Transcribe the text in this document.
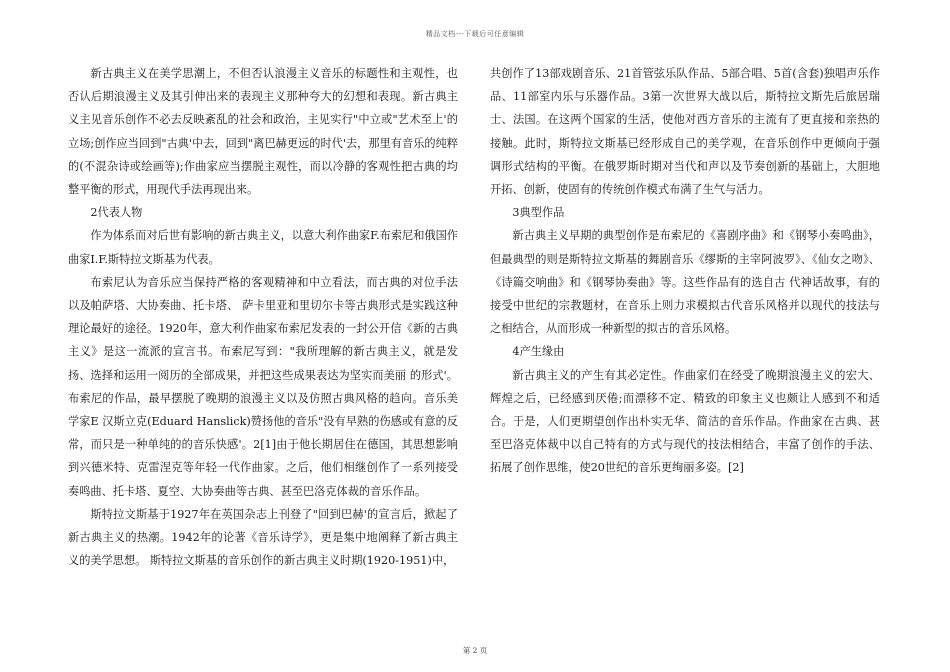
精品文档---下载后可任意编辑

新古典主义在美学思潮上，不但否认浪漫主义音乐的标题性和主观性，也否认后期浪漫主义及其引伸出来的表现主义那种夸大的幻想和表现。新古典主义主见音乐创作不必去反映紊乱的社会和政治，主见实行"中立或"艺术至上'的立场;创作应当回到"古典'中去，回到"离巴赫更远的时代'去，那里有音乐的纯粹的(不混杂诗或绘画等);作曲家应当摆脱主观性，而以冷静的客观性把古典的均整平衡的形式，用现代手法再现出来。

2代表人物

作为体系而对后世有影响的新古典主义，以意大利作曲家F.布索尼和俄国作曲家I.F.斯特拉文斯基为代表。

布索尼认为音乐应当保持严格的客观精神和中立看法，而古典的对位手法以及帕萨塔、大协奏曲、托卡塔、 萨卡里亚和里切尔卡等古典形式是实践这种理论最好的途径。1920年，意大利作曲家布索尼发表的一封公开信《新的古典主义》是这一流派的宣言书。布索尼写到："我所理解的新古典主义，就是发扬、选择和运用一阅历的全部成果，并把这些成果表达为坚实而美丽 的形式'。布索尼的作品，最早摆脱了晚期的浪漫主义以及仿照古典风格的趋向。音乐美学家E 汉斯立克(Eduard Hanslick)赞扬他的音乐"没有早熟的伤感或有意的反常，而只是一种单纯的的音乐快感'。2[1]由于他长期居住在德国，其思想影响到兴德米特、克雷涅克等年轻一代作曲家。之后，他们相继创作了一系列接受奏鸣曲、托卡塔、夏空、大协奏曲等古典、甚至巴洛克体裁的音乐作品。

斯特拉文斯基于1927年在英国杂志上刊登了"回到巴赫'的宣言后，掀起了新古典主义的热潮。1942年的论著《音乐诗学》，更是集中地阐释了新古典主义的美学思想。 斯特拉文斯基的音乐创作的新古典主义时期(1920-1951)中，

共创作了13部戏剧音乐、21首管弦乐队作品、5部合唱、5首(含套)独唱声乐作品、11部室内乐与乐器作品。3第一次世界大战以后，斯特拉文斯先后旅居瑞士、法国。在这两个国家的生活，使他对西方音乐的主流有了更直接和亲热的接触。此时，斯特拉文斯基已经形成自己的美学观，在音乐创作中更倾向于强调形式结构的平衡。在俄罗斯时期对当代和声以及节奏创新的基础上，大胆地开拓、创新，使固有的传统创作模式布满了生气与活力。

3典型作品

新古典主义早期的典型创作是布索尼的《喜剧序曲》和《钢琴小奏鸣曲》，但最典型的则是斯特拉文斯基的舞剧音乐《缪斯的主宰阿波罗》、《仙女之吻》、《诗篇交响曲》和《钢琴协奏曲》等。这些作品有的选自古 代神话故事，有的接受中世纪的宗教题材，在音乐上则力求模拟古代音乐风格并以现代的技法与之相结合，从而形成一种新型的拟古的音乐风格。

4产生缘由

新古典主义的产生有其必定性。作曲家们在经受了晚期浪漫主义的宏大、辉煌之后，已经感到厌倦;而漂移不定、精致的印象主义也颇让人感到不和适合。于是，人们更期望创作出朴实无华、简洁的音乐作品。作曲家在古典、甚至巴洛克体裁中以自己特有的方式与现代的技法相结合，丰富了创作的手法、拓展了创作思维，使20世纪的音乐更绚丽多姿。[2]

第 2 页
